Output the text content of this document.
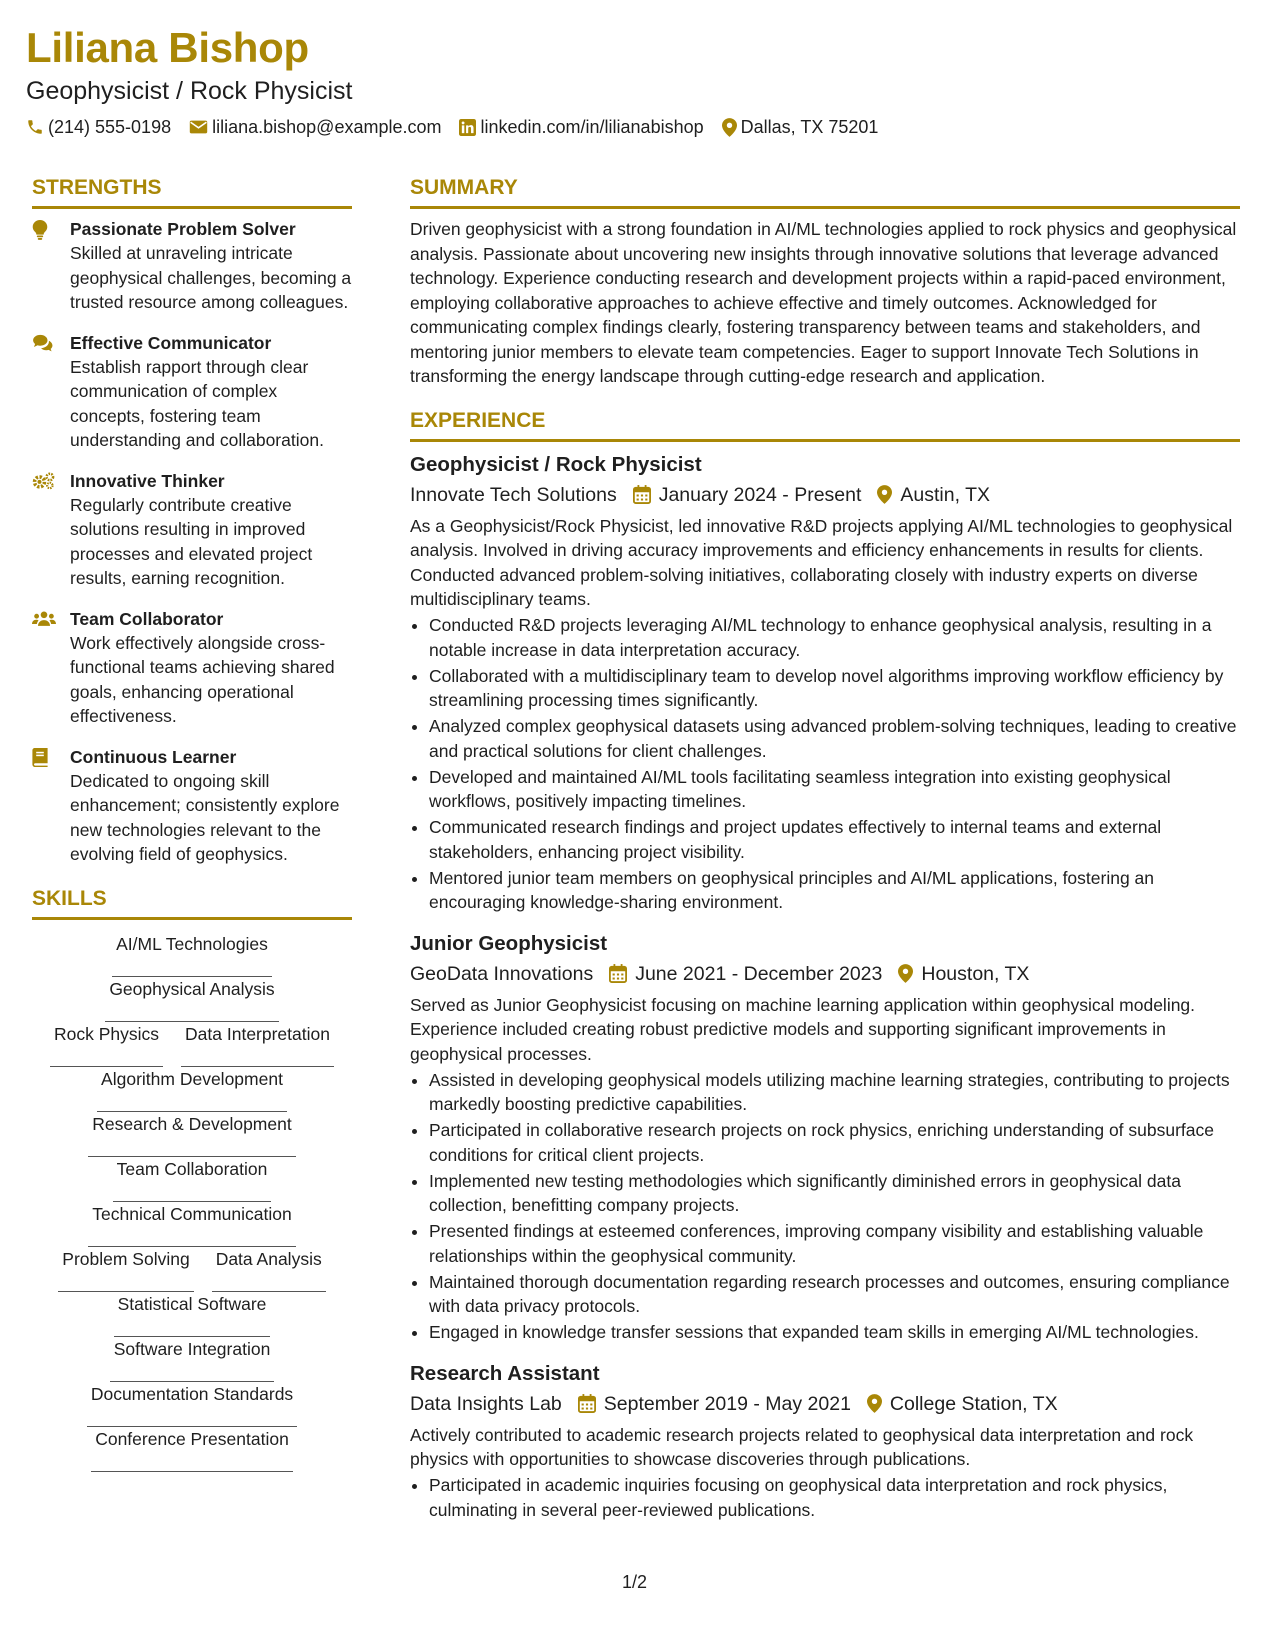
Liliana Bishop
Geophysicist / Rock Physicist
(214) 555-0198 liliana.bishop@example.com linkedin.com/in/lilianabishop Dallas, TX 75201
STRENGTHS
Passionate Problem Solver
Skilled at unraveling intricate geophysical challenges, becoming a trusted resource among colleagues.
Effective Communicator
Establish rapport through clear communication of complex concepts, fostering team understanding and collaboration.
Innovative Thinker
Regularly contribute creative solutions resulting in improved processes and elevated project results, earning recognition.
Team Collaborator
Work effectively alongside cross-functional teams achieving shared goals, enhancing operational effectiveness.
Continuous Learner
Dedicated to ongoing skill enhancement; consistently explore new technologies relevant to the evolving field of geophysics.
SKILLS
AI/ML Technologies
Geophysical Analysis
Rock Physics Data Interpretation
Algorithm Development
Research & Development
Team Collaboration
Technical Communication
Problem Solving Data Analysis
Statistical Software
Software Integration
Documentation Standards
Conference Presentation
SUMMARY
Driven geophysicist with a strong foundation in AI/ML technologies applied to rock physics and geophysical analysis. Passionate about uncovering new insights through innovative solutions that leverage advanced technology. Experience conducting research and development projects within a rapid-paced environment, employing collaborative approaches to achieve effective and timely outcomes. Acknowledged for communicating complex findings clearly, fostering transparency between teams and stakeholders, and mentoring junior members to elevate team competencies. Eager to support Innovate Tech Solutions in transforming the energy landscape through cutting-edge research and application.
EXPERIENCE
Geophysicist / Rock Physicist
Innovate Tech Solutions January 2024 - Present Austin, TX
As a Geophysicist/Rock Physicist, led innovative R&D projects applying AI/ML technologies to geophysical analysis. Involved in driving accuracy improvements and efficiency enhancements in results for clients. Conducted advanced problem-solving initiatives, collaborating closely with industry experts on diverse multidisciplinary teams.
• Conducted R&D projects leveraging AI/ML technology to enhance geophysical analysis, resulting in a notable increase in data interpretation accuracy.
• Collaborated with a multidisciplinary team to develop novel algorithms improving workflow efficiency by streamlining processing times significantly.
• Analyzed complex geophysical datasets using advanced problem-solving techniques, leading to creative and practical solutions for client challenges.
• Developed and maintained AI/ML tools facilitating seamless integration into existing geophysical workflows, positively impacting timelines.
• Communicated research findings and project updates effectively to internal teams and external stakeholders, enhancing project visibility.
• Mentored junior team members on geophysical principles and AI/ML applications, fostering an encouraging knowledge-sharing environment.
Junior Geophysicist
GeoData Innovations June 2021 - December 2023 Houston, TX
Served as Junior Geophysicist focusing on machine learning application within geophysical modeling. Experience included creating robust predictive models and supporting significant improvements in geophysical processes.
• Assisted in developing geophysical models utilizing machine learning strategies, contributing to projects markedly boosting predictive capabilities.
• Participated in collaborative research projects on rock physics, enriching understanding of subsurface conditions for critical client projects.
• Implemented new testing methodologies which significantly diminished errors in geophysical data collection, benefitting company projects.
• Presented findings at esteemed conferences, improving company visibility and establishing valuable relationships within the geophysical community.
• Maintained thorough documentation regarding research processes and outcomes, ensuring compliance with data privacy protocols.
• Engaged in knowledge transfer sessions that expanded team skills in emerging AI/ML technologies.
Research Assistant
Data Insights Lab September 2019 - May 2021 College Station, TX
Actively contributed to academic research projects related to geophysical data interpretation and rock physics with opportunities to showcase discoveries through publications.
• Participated in academic inquiries focusing on geophysical data interpretation and rock physics, culminating in several peer-reviewed publications.
1/2
